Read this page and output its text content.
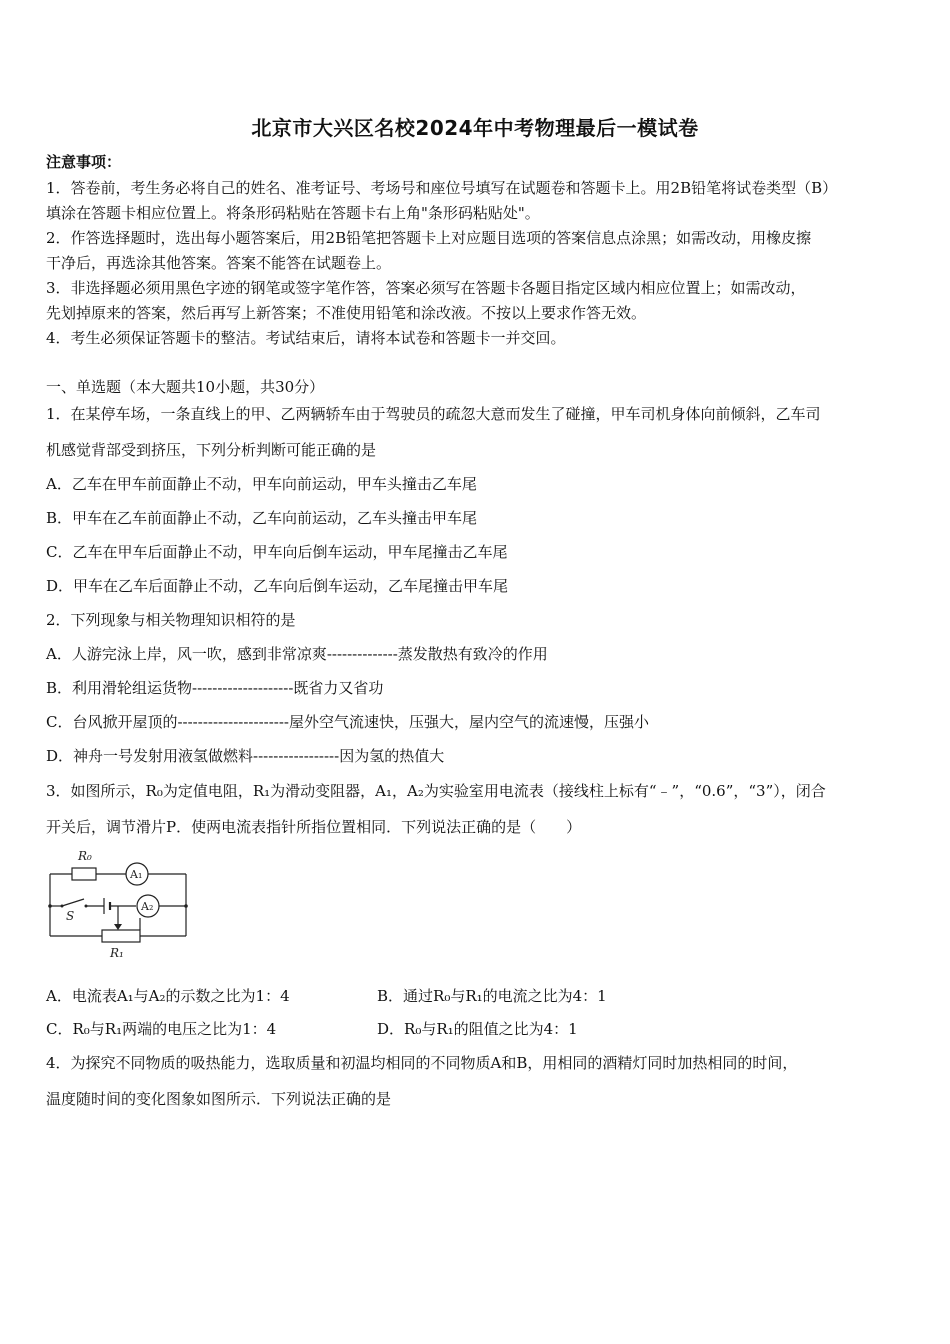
北京市大兴区名校2024年中考物理最后一模试卷
注意事项：
1．答卷前，考生务必将自己的姓名、准考证号、考场号和座位号填写在试题卷和答题卡上。用2B铅笔将试卷类型（B）
填涂在答题卡相应位置上。将条形码粘贴在答题卡右上角"条形码粘贴处"。
2．作答选择题时，选出每小题答案后，用2B铅笔把答题卡上对应题目选项的答案信息点涂黑；如需改动，用橡皮擦
干净后，再选涂其他答案。答案不能答在试题卷上。
3．非选择题必须用黑色字迹的钢笔或签字笔作答，答案必须写在答题卡各题目指定区域内相应位置上；如需改动，
先划掉原来的答案，然后再写上新答案；不准使用铅笔和涂改液。不按以上要求作答无效。
4．考生必须保证答题卡的整洁。考试结束后，请将本试卷和答题卡一并交回。
一、单选题（本大题共10小题，共30分）
1．在某停车场，一条直线上的甲、乙两辆轿车由于驾驶员的疏忽大意而发生了碰撞，甲车司机身体向前倾斜，乙车司
机感觉背部受到挤压，下列分析判断可能正确的是
A．乙车在甲车前面静止不动，甲车向前运动，甲车头撞击乙车尾
B．甲车在乙车前面静止不动，乙车向前运动，乙车头撞击甲车尾
C．乙车在甲车后面静止不动，甲车向后倒车运动，甲车尾撞击乙车尾
D．甲车在乙车后面静止不动，乙车向后倒车运动，乙车尾撞击甲车尾
2．下列现象与相关物理知识相符的是
A．人游完泳上岸，风一吹，感到非常凉爽--------------蒸发散热有致冷的作用
B．利用滑轮组运货物--------------------既省力又省功
C．台风掀开屋顶的----------------------屋外空气流速快，压强大，屋内空气的流速慢，压强小
D．神舟一号发射用液氢做燃料-----------------因为氢的热值大
3．如图所示，R₀为定值电阻，R₁为滑动变阻器，A₁，A₂为实验室用电流表（接线柱上标有“﹣”，“0.6”，“3”），闭合
开关后，调节滑片P．使两电流表指针所指位置相同．下列说法正确的是（　　）
R₀
A₁
A₂
S
R₁
A．电流表A₁与A₂的示数之比为1：4	B．通过R₀与R₁的电流之比为4：1
C．R₀与R₁两端的电压之比为1：4	D．R₀与R₁的阻值之比为4：1
4．为探究不同物质的吸热能力，选取质量和初温均相同的不同物质A和B，用相同的酒精灯同时加热相同的时间，
温度随时间的变化图象如图所示．下列说法正确的是
